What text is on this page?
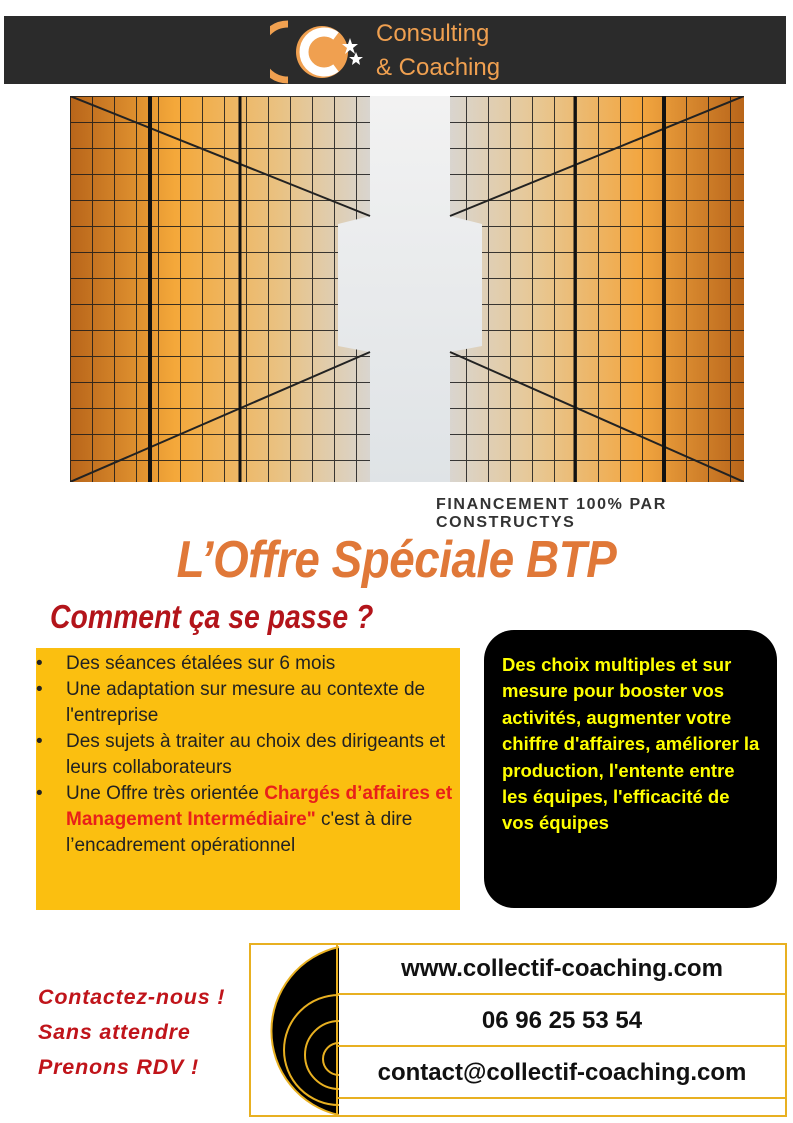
Consulting
& Coaching
FINANCEMENT 100% PAR CONSTRUCTYS
L’Offre Spéciale BTP
Comment ça se passe ?
• Des séances étalées sur 6 mois
• Une adaptation sur mesure au contexte de l'entreprise
• Des sujets à traiter au choix des dirigeants et leurs collaborateurs
• Une Offre très orientée Chargés d’affaires et Management Intermédiaire" c'est à dire l’encadrement opérationnel
Des choix multiples et sur mesure pour booster vos activités, augmenter votre chiffre d'affaires, améliorer la production, l'entente entre les équipes, l'efficacité de vos équipes
Contactez-nous !
Sans attendre
Prenons RDV !
www.collectif-coaching.com
06 96 25 53 54
contact@collectif-coaching.com
